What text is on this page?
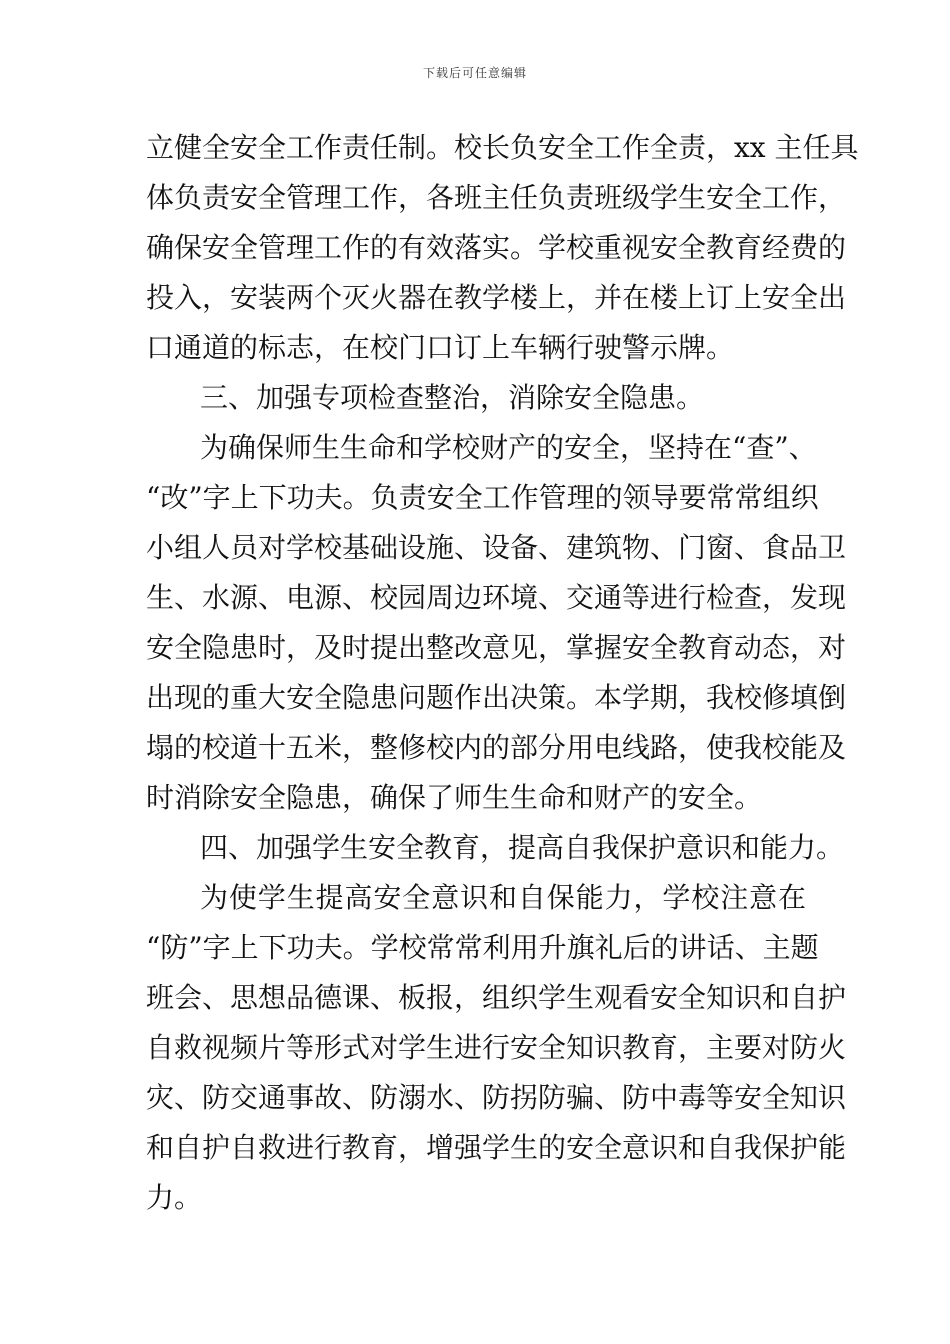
下载后可任意编辑
立健全安全工作责任制。校长负安全工作全责，xx 主任具
体负责安全管理工作，各班主任负责班级学生安全工作，
确保安全管理工作的有效落实。学校重视安全教育经费的
投入，安装两个灭火器在教学楼上，并在楼上订上安全出
口通道的标志，在校门口订上车辆行驶警示牌。
三、加强专项检查整治，消除安全隐患。
为确保师生生命和学校财产的安全，坚持在“查”、
“改”字上下功夫。负责安全工作管理的领导要常常组织
小组人员对学校基础设施、设备、建筑物、门窗、食品卫
生、水源、电源、校园周边环境、交通等进行检查，发现
安全隐患时，及时提出整改意见，掌握安全教育动态，对
出现的重大安全隐患问题作出决策。本学期，我校修填倒
塌的校道十五米，整修校内的部分用电线路，使我校能及
时消除安全隐患，确保了师生生命和财产的安全。
四、加强学生安全教育，提高自我保护意识和能力。
为使学生提高安全意识和自保能力，学校注意在
“防”字上下功夫。学校常常利用升旗礼后的讲话、主题
班会、思想品德课、板报，组织学生观看安全知识和自护
自救视频片等形式对学生进行安全知识教育，主要对防火
灾、防交通事故、防溺水、防拐防骗、防中毒等安全知识
和自护自救进行教育，增强学生的安全意识和自我保护能
力。
